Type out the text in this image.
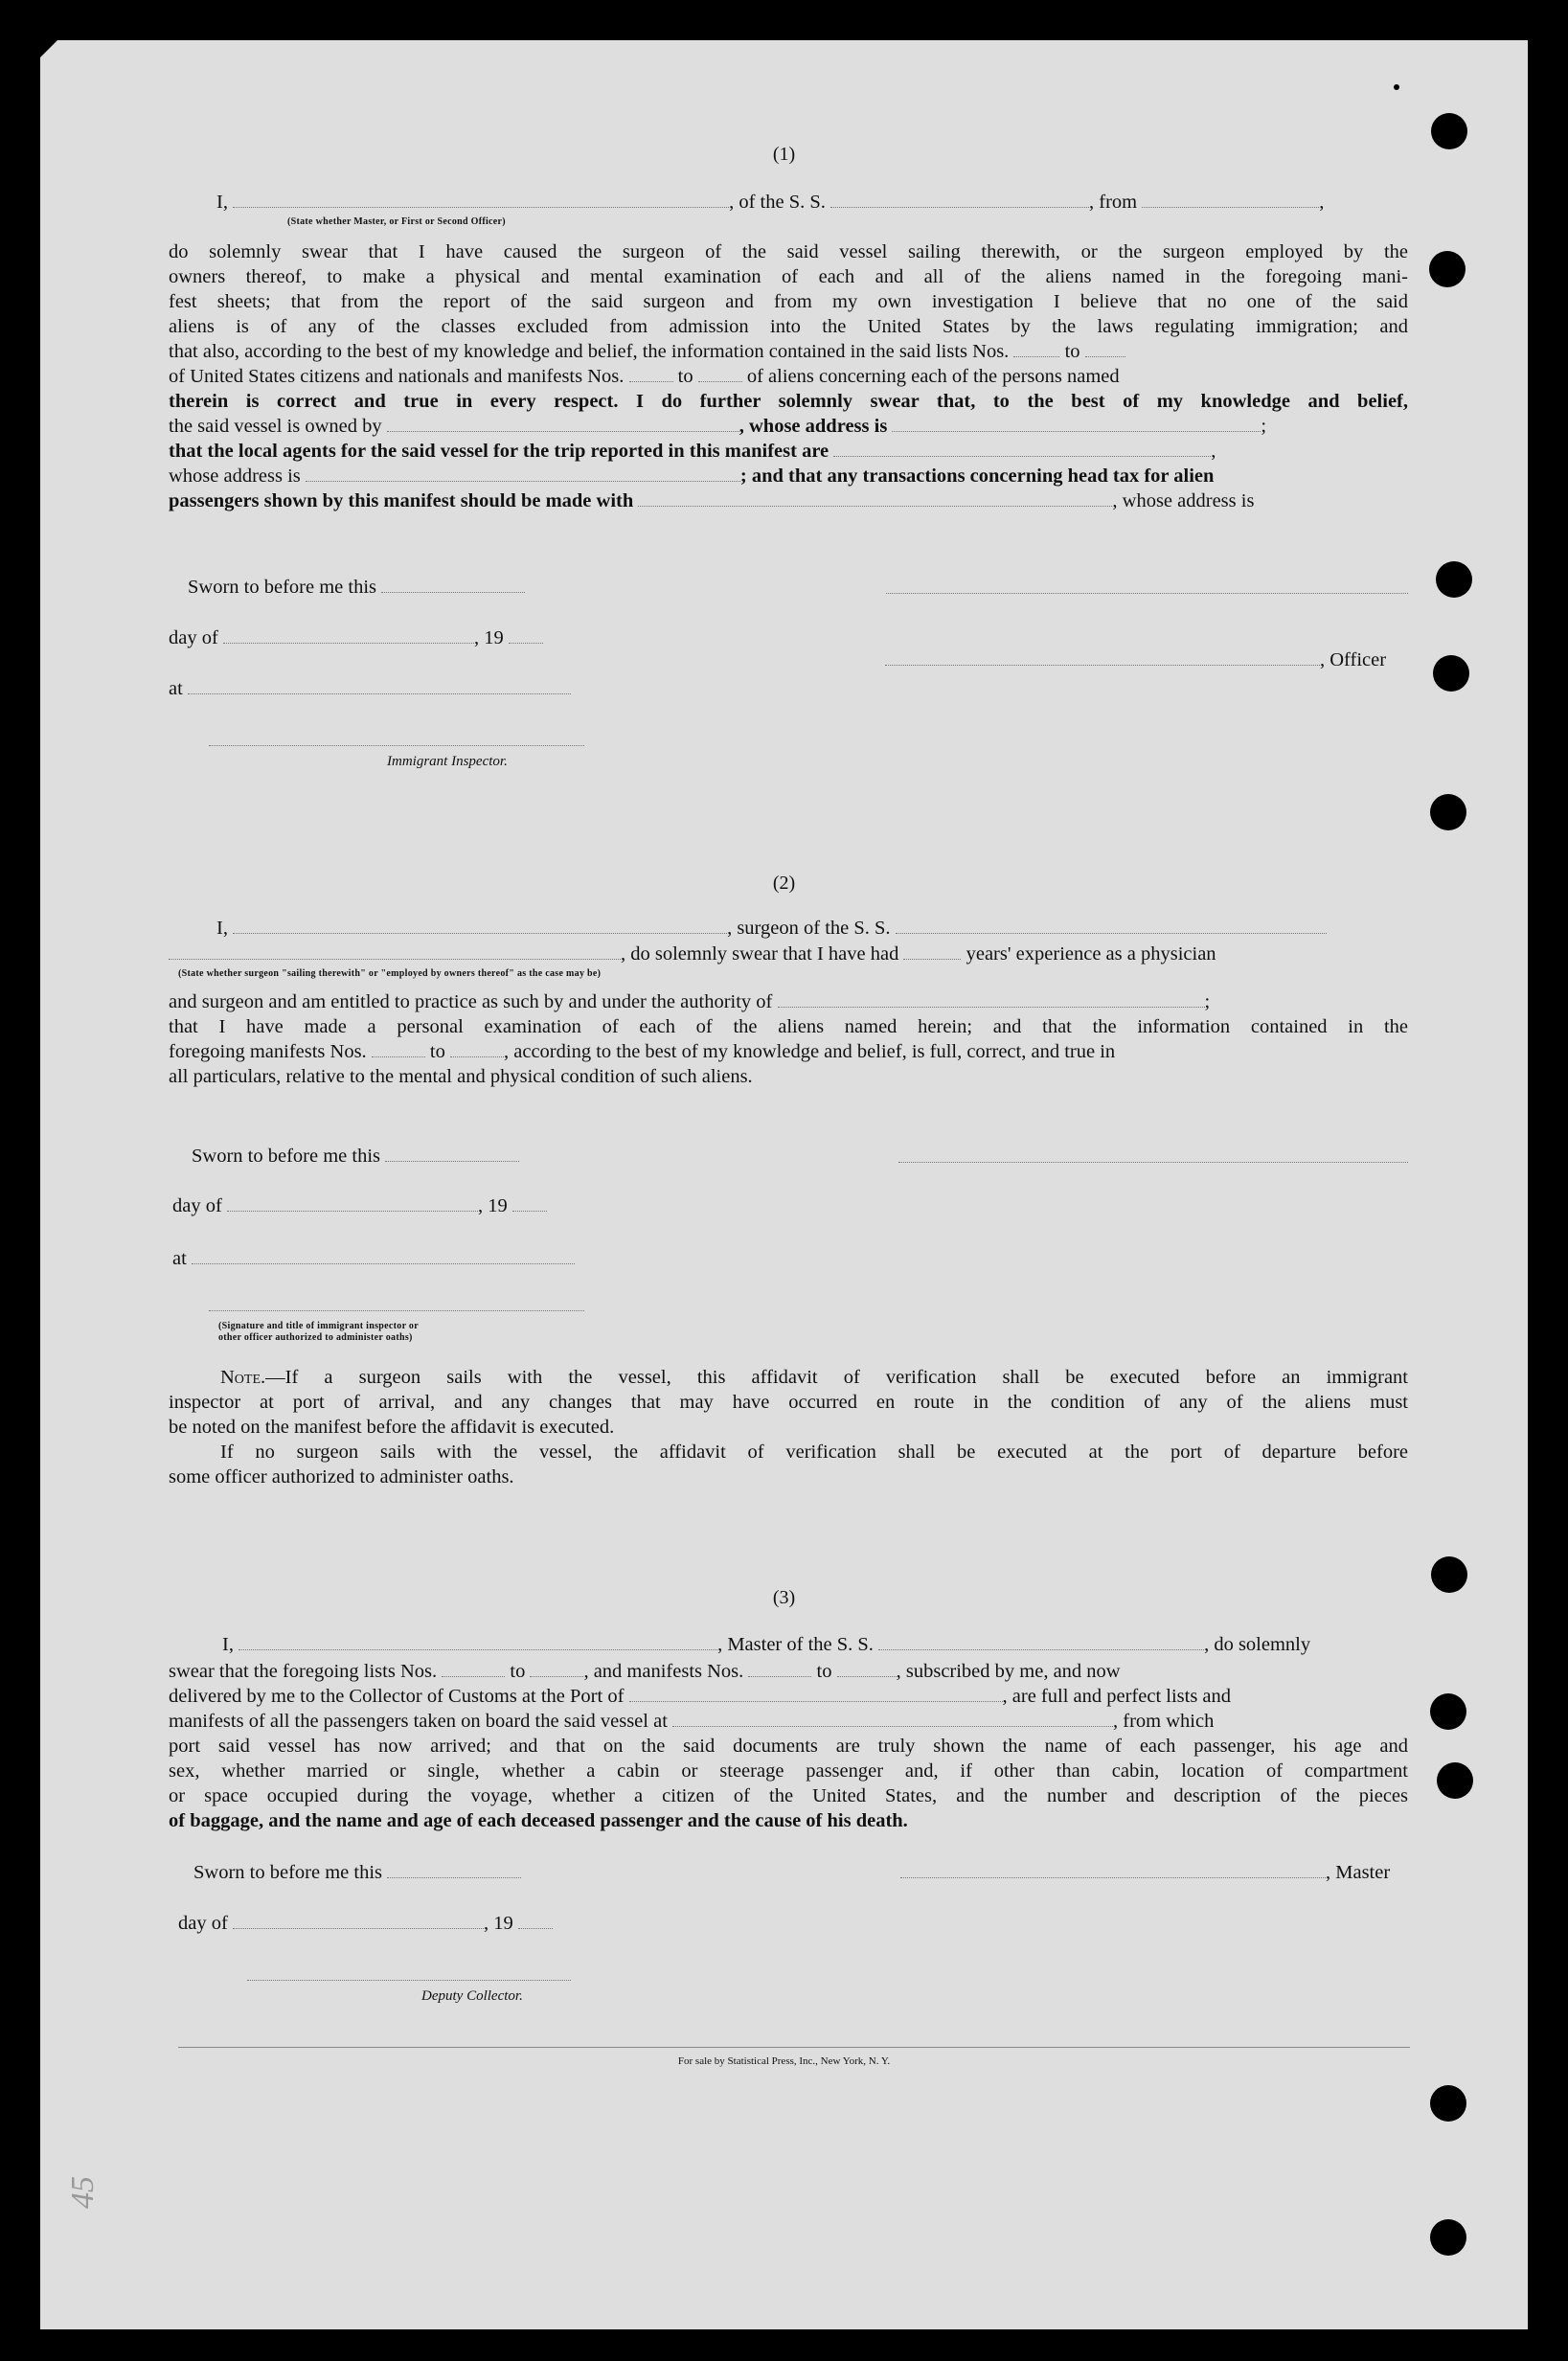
(1)
I,	, of the S. S.	, from	,
(State whether Master, or First or Second Officer)

do solemnly swear that I have caused the surgeon of the said vessel sailing therewith, or the surgeon employed by the

owners thereof, to make a physical and mental examination of each and all of the aliens named in the foregoing mani-

fest sheets; that from the report of the said surgeon and from my own investigation I believe that no one of the said

aliens is of any of the classes excluded from admission into the United States by the laws regulating immigration; and

that also, according to the best of my knowledge and belief, the information contained in the said lists Nos.	to

of United States citizens and nationals and manifests Nos.	to	of aliens concerning each of the persons named

therein is correct and true in every respect. I do further solemnly swear that, to the best of my knowledge and belief,

the said vessel is owned by	, whose address is	;

that the local agents for the said vessel for the trip reported in this manifest are	,

whose address is	; and that any transactions concerning head tax for alien

passengers shown by this manifest should be made with	, whose address is

Sworn to before me this
day of	, 19
, Officer
at
Immigrant Inspector.
(2)
I,	, surgeon of the S. S.
, do solemnly swear that I have had	years' experience as a physician
(State whether surgeon "sailing therewith" or "employed by owners thereof" as the case may be)

and surgeon and am entitled to practice as such by and under the authority of	;

that I have made a personal examination of each of the aliens named herein; and that the information contained in the

foregoing manifests Nos.	to	, according to the best of my knowledge and belief, is full, correct, and true in

all particulars, relative to the mental and physical condition of such aliens.

Sworn to before me this
day of	, 19
at
(Signature and title of immigrant inspector or
other officer authorized to administer oaths)

Note.—If a surgeon sails with the vessel, this affidavit of verification shall be executed before an immigrant

inspector at port of arrival, and any changes that may have occurred en route in the condition of any of the aliens must

be noted on the manifest before the affidavit is executed.

If no surgeon sails with the vessel, the affidavit of verification shall be executed at the port of departure before

some officer authorized to administer oaths.

(3)
I,	, Master of the S. S.	, do solemnly

swear that the foregoing lists Nos.	to	, and manifests Nos.	to	, subscribed by me, and now

delivered by me to the Collector of Customs at the Port of	, are full and perfect lists and

manifests of all the passengers taken on board the said vessel at	, from which

port said vessel has now arrived; and that on the said documents are truly shown the name of each passenger, his age and

sex, whether married or single, whether a cabin or steerage passenger and, if other than cabin, location of compartment

or space occupied during the voyage, whether a citizen of the United States, and the number and description of the pieces

of baggage, and the name and age of each deceased passenger and the cause of his death.

Sworn to before me this	, Master
day of	, 19
Deputy Collector.
For sale by Statistical Press, Inc., New York, N. Y.
45
